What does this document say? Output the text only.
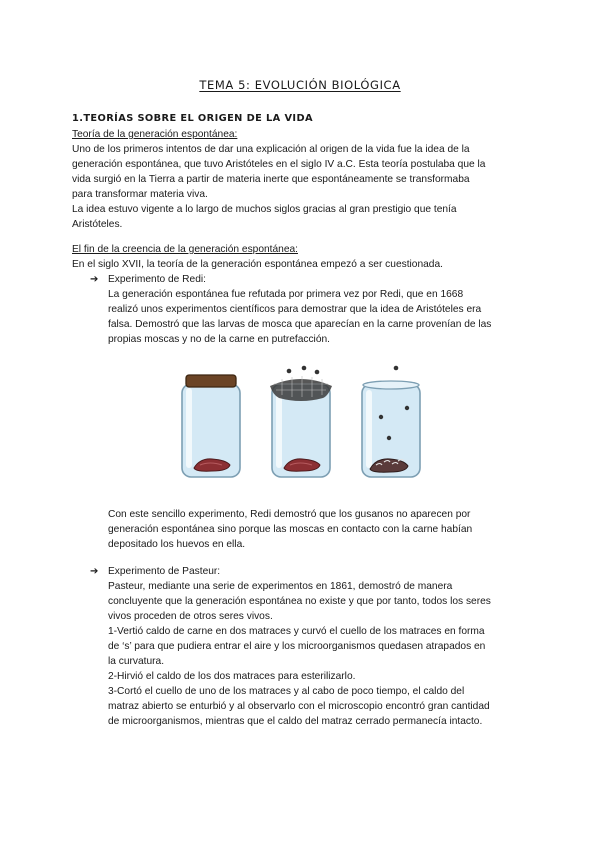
TEMA 5: EVOLUCIÓN BIOLÓGICA
1.TEORÍAS SOBRE EL ORIGEN DE LA VIDA

Teoría de la generación espontánea:

Uno de los primeros intentos de dar una explicación al origen de la vida fue la idea de la

generación espontánea, que tuvo Aristóteles en el siglo IV a.C. Esta teoría postulaba que la

vida surgió en la Tierra a partir de materia inerte que espontáneamente se transformaba

para transformar materia viva.

La idea estuvo vigente a lo largo de muchos siglos gracias al gran prestigio que tenía

Aristóteles.

El fin de la creencia de la generación espontánea:

En el siglo XVII, la teoría de la generación espontánea empezó a ser cuestionada.

➔ Experimento de Redi:

La generación espontánea fue refutada por primera vez por Redi, que en 1668

realizó unos experimentos científicos para demostrar que la idea de Aristóteles era

falsa. Demostró que las larvas de mosca que aparecían en la carne provenían de las

propias moscas y no de la carne en putrefacción.

Con este sencillo experimento, Redi demostró que los gusanos no aparecen por

generación espontánea sino porque las moscas en contacto con la carne habían

depositado los huevos en ella.

➔ Experimento de Pasteur:

Pasteur, mediante una serie de experimentos en 1861, demostró de manera

concluyente que la generación espontánea no existe y que por tanto, todos los seres

vivos proceden de otros seres vivos.

1-Vertió caldo de carne en dos matraces y curvó el cuello de los matraces en forma

de ‘s’ para que pudiera entrar el aire y los microorganismos quedasen atrapados en

la curvatura.

2-Hirvió el caldo de los dos matraces para esterilizarlo.

3-Cortó el cuello de uno de los matraces y al cabo de poco tiempo, el caldo del

matraz abierto se enturbió y al observarlo con el microscopio encontró gran cantidad

de microorganismos, mientras que el caldo del matraz cerrado permanecía intacto.
